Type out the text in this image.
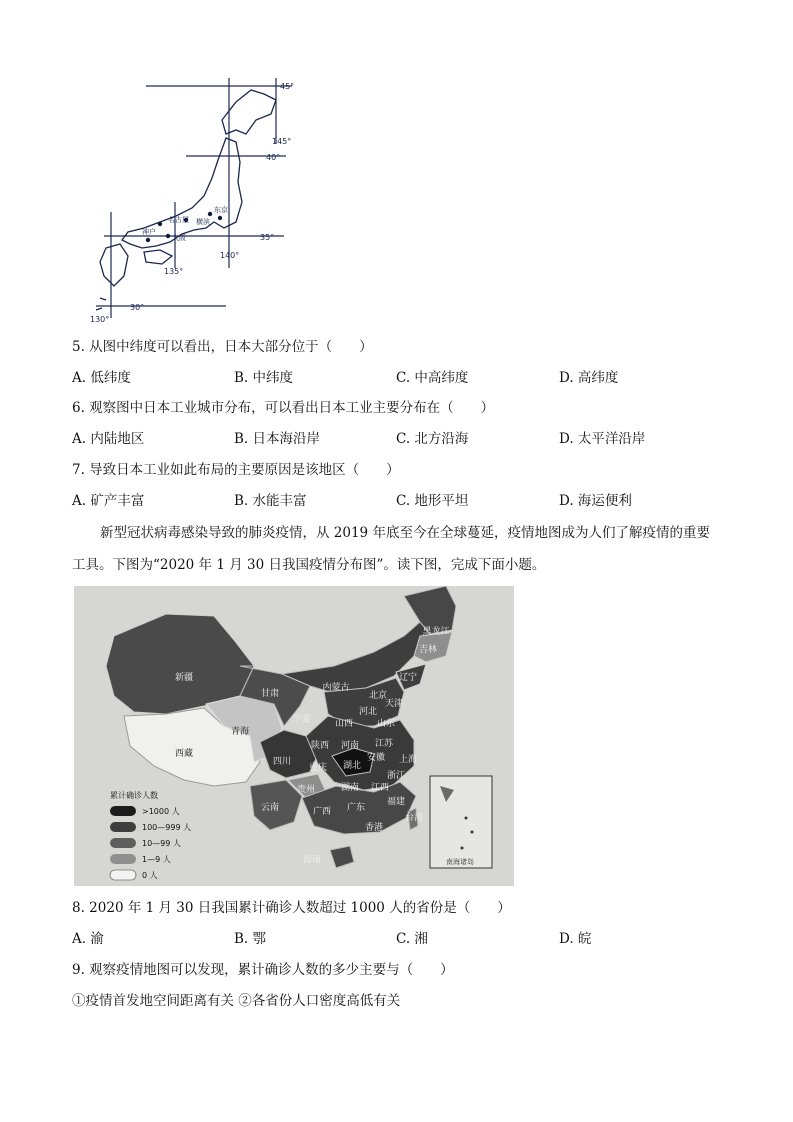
45°
40°
35°
30°
145°
140°
135°
130°
名古屋 横滨
东京
大阪
神户
5. 从图中纬度可以看出，日本大部分位于（　　）
A. 低纬度	B. 中纬度	C. 中高纬度	D. 高纬度
6. 观察图中日本工业城市分布，可以看出日本工业主要分布在（　　）
A. 内陆地区	B. 日本海沿岸	C. 北方沿海	D. 太平洋沿岸
7. 导致日本工业如此布局的主要原因是该地区（　　）
A. 矿产丰富	B. 水能丰富	C. 地形平坦	D. 海运便利
新型冠状病毒感染导致的肺炎疫情，从 2019 年底至今在全球蔓延，疫情地图成为人们了解疫情的重要
工具。下图为“2020 年 1 月 30 日我国疫情分布图”。读下图，完成下面小题。
黑龙江
吉林
辽宁
内蒙古
北京
天津
河北
山西	山东
新疆
甘肃
宁夏
青海
西藏
陕西 河南 江苏
安徽 上海
四川
重庆 湖北
浙江
贵州	湖南 江西
云南	广西 广东
福建
台湾
香港
海南	南海诸岛
累计确诊人数
>1000 人
100—999 人
10—99 人
1—9 人
0 人
8. 2020 年 1 月 30 日我国累计确诊人数超过 1000 人的省份是（　　）
A. 渝	B. 鄂	C. 湘	D. 皖
9. 观察疫情地图可以发现，累计确诊人数的多少主要与（　　）
①疫情首发地空间距离有关 ②各省份人口密度高低有关
